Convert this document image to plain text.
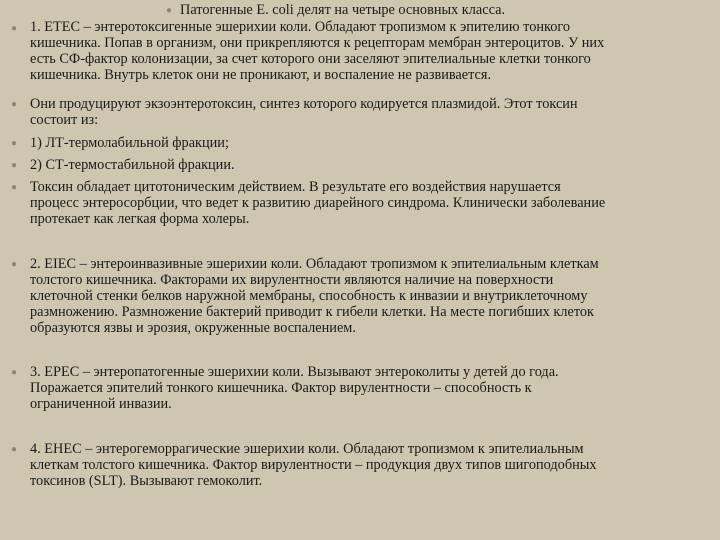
● Патогенные E. coli делят на четыре основных класса.
● 1. ETEC – энтеротоксигенные эшерихии коли. Обладают тропизмом к эпителию тонкого
кишечника. Попав в организм, они прикрепляются к рецепторам мембран энтероцитов. У них
есть СФ-фактор колонизации, за счет которого они заселяют эпителиальные клетки тонкого
кишечника. Внутрь клеток они не проникают, и воспаление не развивается.
● Они продуцируют экзоэнтеротоксин, синтез которого кодируется плазмидой. Этот токсин
состоит из:
● 1) ЛТ-термолабильной фракции;
● 2) СТ-термостабильной фракции.
● Токсин обладает цитотоническим действием. В результате его воздействия нарушается
процесс энтеросорбции, что ведет к развитию диарейного синдрома. Клинически заболевание
протекает как легкая форма холеры.
● 2. EIEC – энтероинвазивные эшерихии коли. Обладают тропизмом к эпителиальным клеткам
толстого кишечника. Факторами их вирулентности являются наличие на поверхности
клеточной стенки белков наружной мембраны, способность к инвазии и внутриклеточному
размножению. Размножение бактерий приводит к гибели клетки. На месте погибших клеток
образуются язвы и эрозия, окруженные воспалением.
● 3. EPEC – энтеропатогенные эшерихии коли. Вызывают энтероколиты у детей до года.
Поражается эпителий тонкого кишечника. Фактор вирулентности – способность к
ограниченной инвазии.
● 4. EHEC – энтерогеморрагические эшерихии коли. Обладают тропизмом к эпителиальным
клеткам толстого кишечника. Фактор вирулентности – продукция двух типов шигоподобных
токсинов (SLT). Вызывают гемоколит.
